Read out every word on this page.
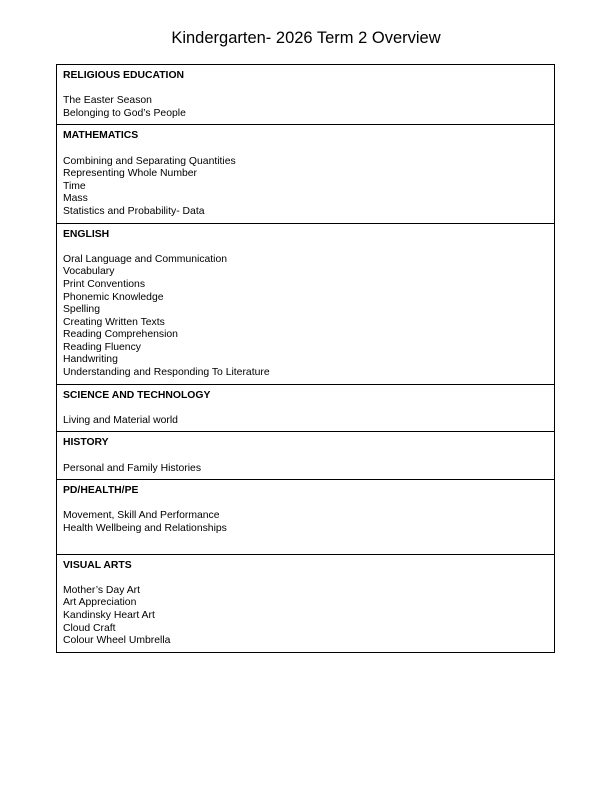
Kindergarten- 2026 Term 2 Overview
RELIGIOUS EDUCATION
The Easter Season
Belonging to God’s People

MATHEMATICS
Combining and Separating Quantities
Representing Whole Number
Time
Mass
Statistics and Probability- Data

ENGLISH
Oral Language and Communication
Vocabulary
Print Conventions
Phonemic Knowledge
Spelling
Creating Written Texts
Reading Comprehension
Reading Fluency
Handwriting
Understanding and Responding To Literature

SCIENCE AND TECHNOLOGY
Living and Material world

HISTORY
Personal and Family Histories

PD/HEALTH/PE
Movement, Skill And Performance
Health Wellbeing and Relationships

VISUAL ARTS
Mother’s Day Art
Art Appreciation
Kandinsky Heart Art
Cloud Craft
Colour Wheel Umbrella
